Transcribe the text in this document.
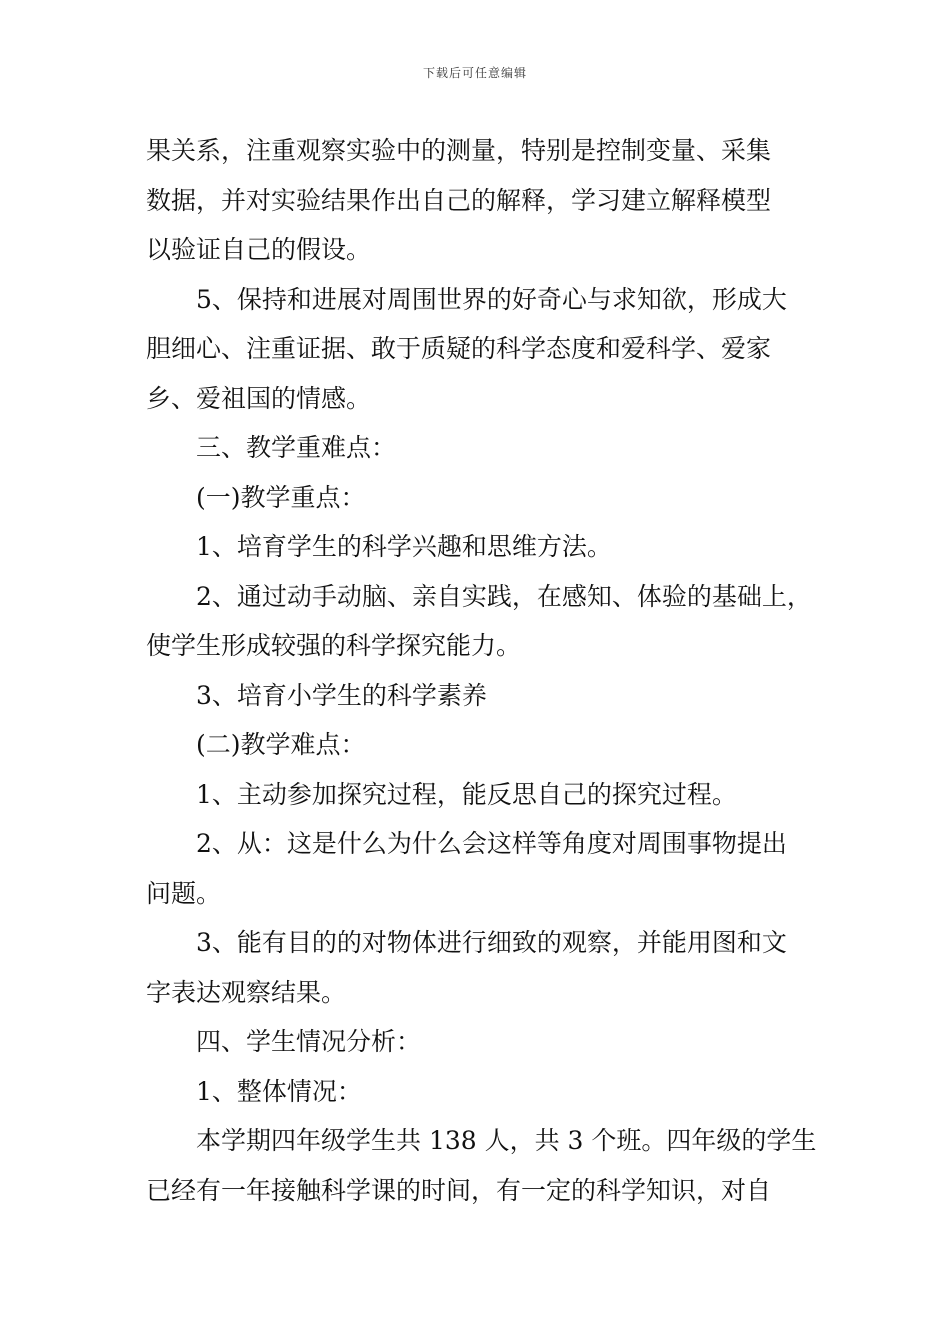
下载后可任意编辑
果关系，注重观察实验中的测量，特别是控制变量、采集
数据，并对实验结果作出自己的解释，学习建立解释模型
以验证自己的假设。
5、保持和进展对周围世界的好奇心与求知欲，形成大
胆细心、注重证据、敢于质疑的科学态度和爱科学、爱家
乡、爱祖国的情感。
三、教学重难点：
(一)教学重点：
1、培育学生的科学兴趣和思维方法。
2、通过动手动脑、亲自实践，在感知、体验的基础上，
使学生形成较强的科学探究能力。
3、培育小学生的科学素养
(二)教学难点：
1、主动参加探究过程，能反思自己的探究过程。
2、从：这是什么为什么会这样等角度对周围事物提出
问题。
3、能有目的的对物体进行细致的观察，并能用图和文
字表达观察结果。
四、学生情况分析：
1、整体情况：
本学期四年级学生共 138 人，共 3 个班。四年级的学生
已经有一年接触科学课的时间，有一定的科学知识，对自
